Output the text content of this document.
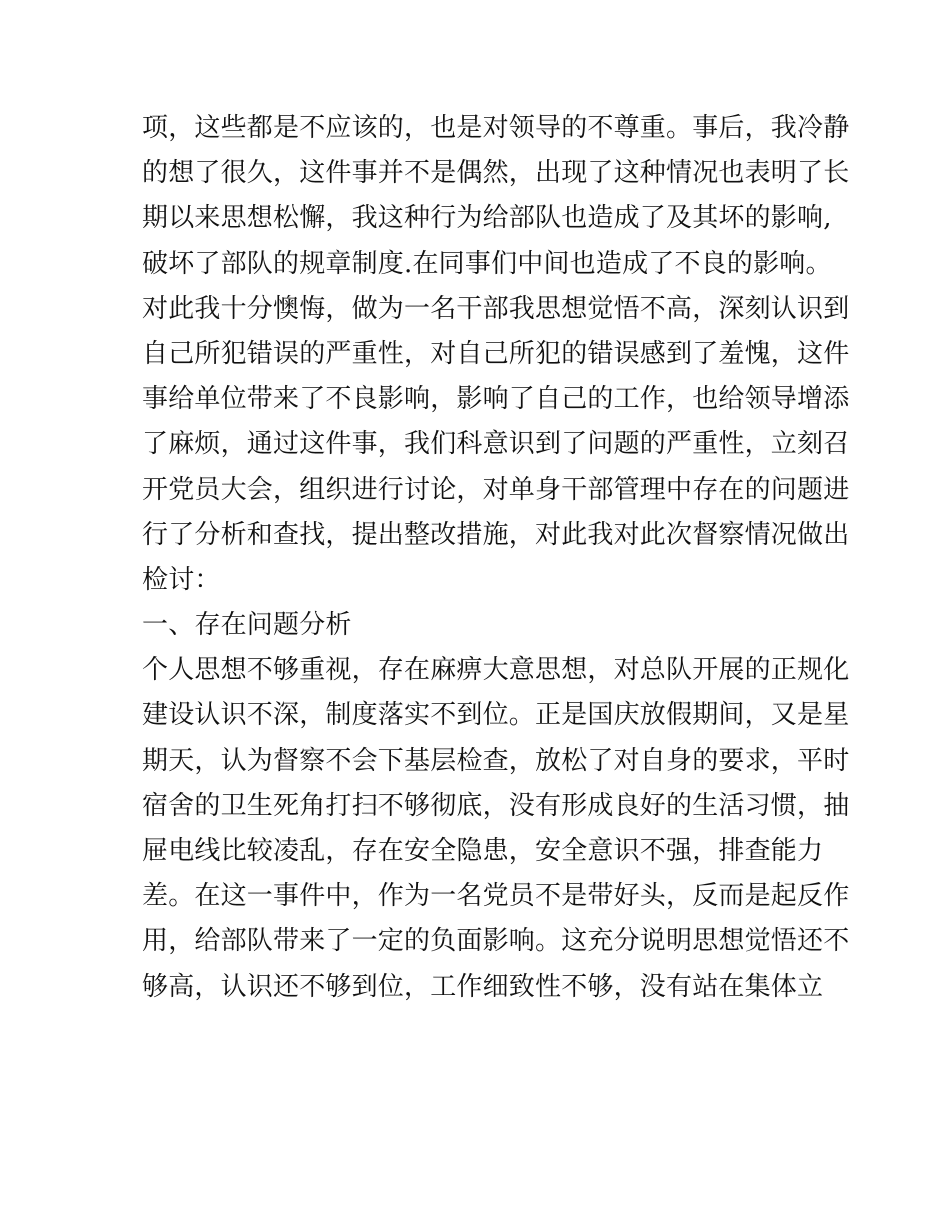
项，这些都是不应该的，也是对领导的不尊重。事后，我冷静
的想了很久，这件事并不是偶然，出现了这种情况也表明了长
期以来思想松懈，我这种行为给部队也造成了及其坏的影响,
破坏了部队的规章制度.在同事们中间也造成了不良的影响。
对此我十分懊悔，做为一名干部我思想觉悟不高，深刻认识到
自己所犯错误的严重性，对自己所犯的错误感到了羞愧，这件
事给单位带来了不良影响，影响了自己的工作，也给领导增添
了麻烦，通过这件事，我们科意识到了问题的严重性，立刻召
开党员大会，组织进行讨论，对单身干部管理中存在的问题进
行了分析和查找，提出整改措施，对此我对此次督察情况做出
检讨：
一、存在问题分析
个人思想不够重视，存在麻痹大意思想，对总队开展的正规化
建设认识不深，制度落实不到位。正是国庆放假期间，又是星
期天，认为督察不会下基层检查，放松了对自身的要求，平时
宿舍的卫生死角打扫不够彻底，没有形成良好的生活习惯，抽
屉电线比较凌乱，存在安全隐患，安全意识不强，排查能力
差。在这一事件中，作为一名党员不是带好头，反而是起反作
用，给部队带来了一定的负面影响。这充分说明思想觉悟还不
够高，认识还不够到位，工作细致性不够，没有站在集体立
